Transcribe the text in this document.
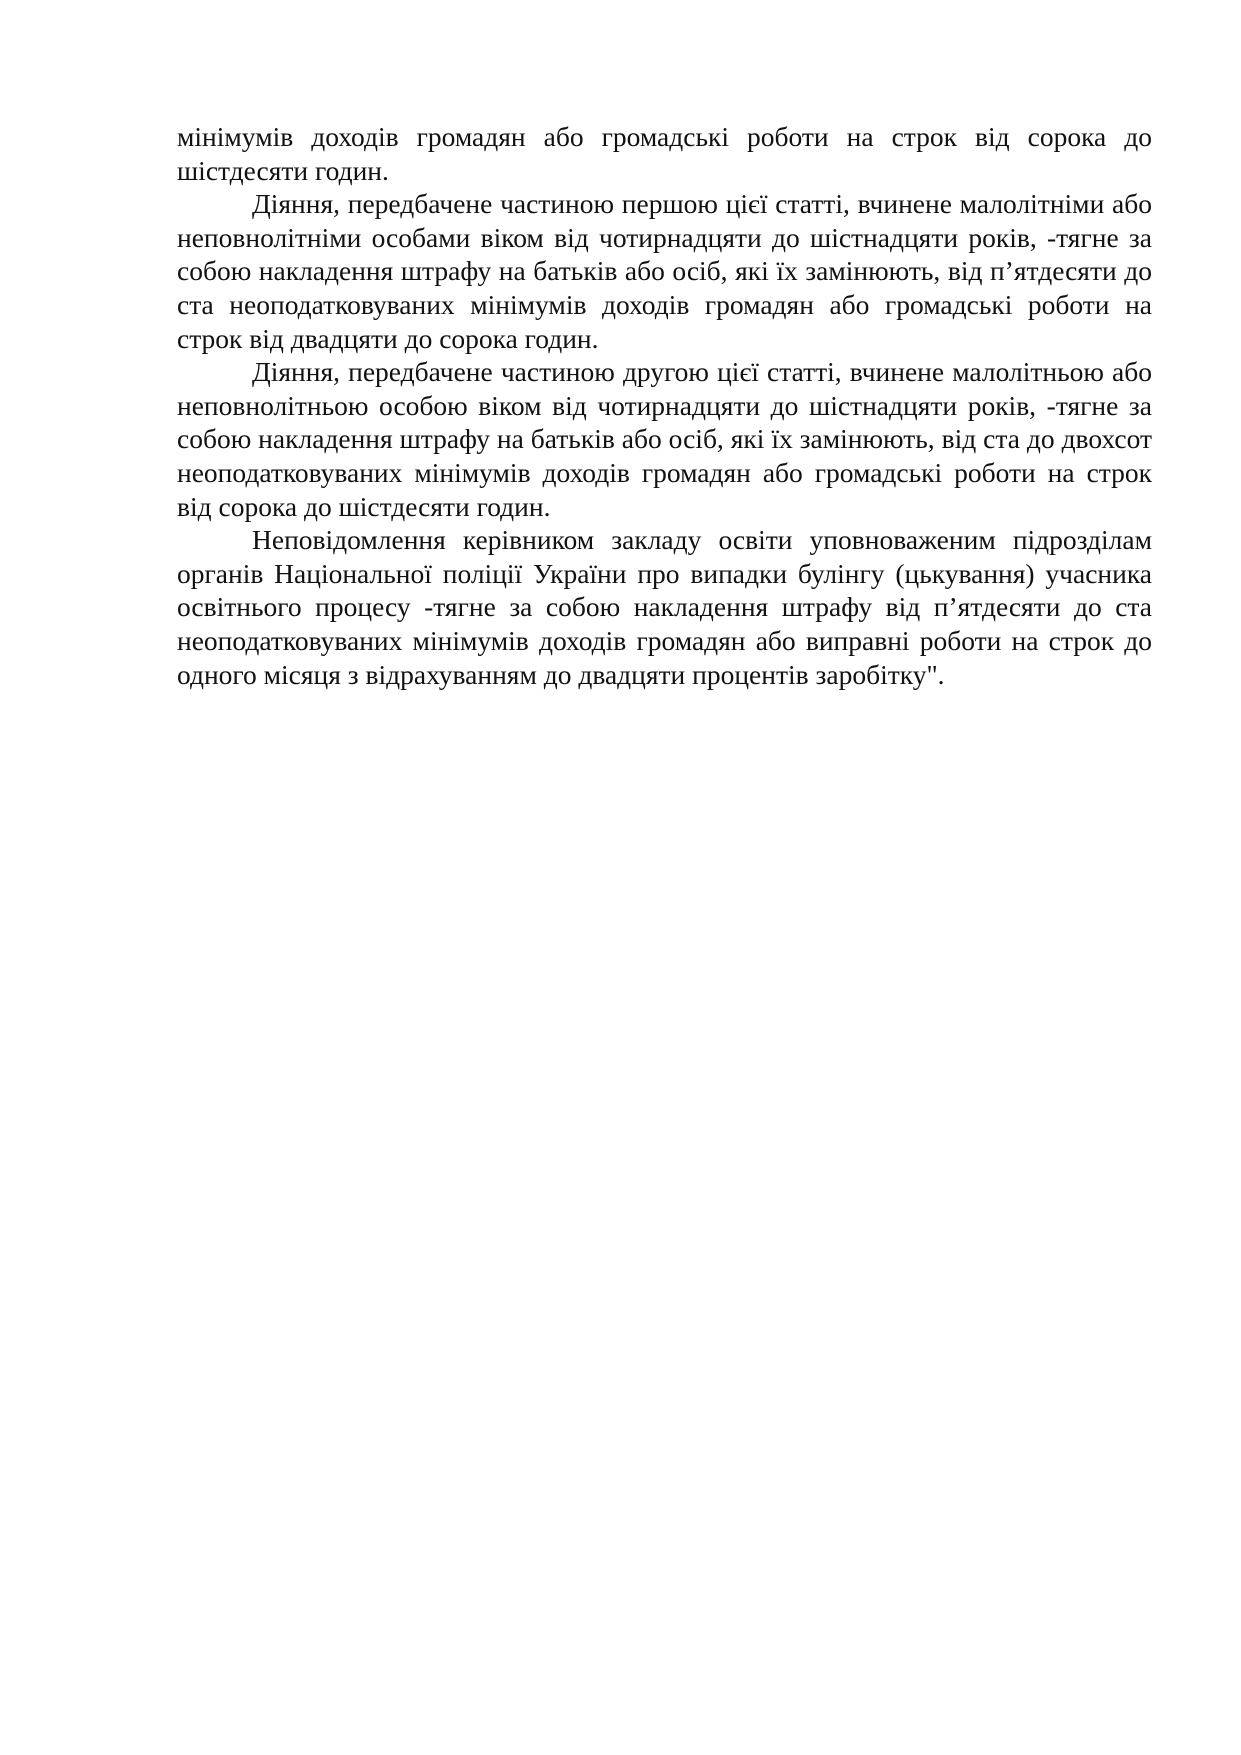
мінімумів доходів громадян або громадські роботи на строк від сорока до шістдесяти годин.

Діяння, передбачене частиною першою цієї статті, вчинене малолітніми або неповнолітніми особами віком від чотирнадцяти до шістнадцяти років, -тягне за собою накладення штрафу на батьків або осіб, які їх замінюють, від п’ятдесяти до ста неоподатковуваних мінімумів доходів громадян або громадські роботи на строк від двадцяти до сорока годин.

Діяння, передбачене частиною другою цієї статті, вчинене малолітньою або неповнолітньою особою віком від чотирнадцяти до шістнадцяти років, -тягне за собою накладення штрафу на батьків або осіб, які їх замінюють, від ста до двохсот неоподатковуваних мінімумів доходів громадян або громадські роботи на строк від сорока до шістдесяти годин.

Неповідомлення керівником закладу освіти уповноваженим підрозділам органів Національної поліції України про випадки булінгу (цькування) учасника освітнього процесу -тягне за собою накладення штрафу від п’ятдесяти до ста неоподатковуваних мінімумів доходів громадян або виправні роботи на строк до одного місяця з відрахуванням до двадцяти процентів заробітку".
